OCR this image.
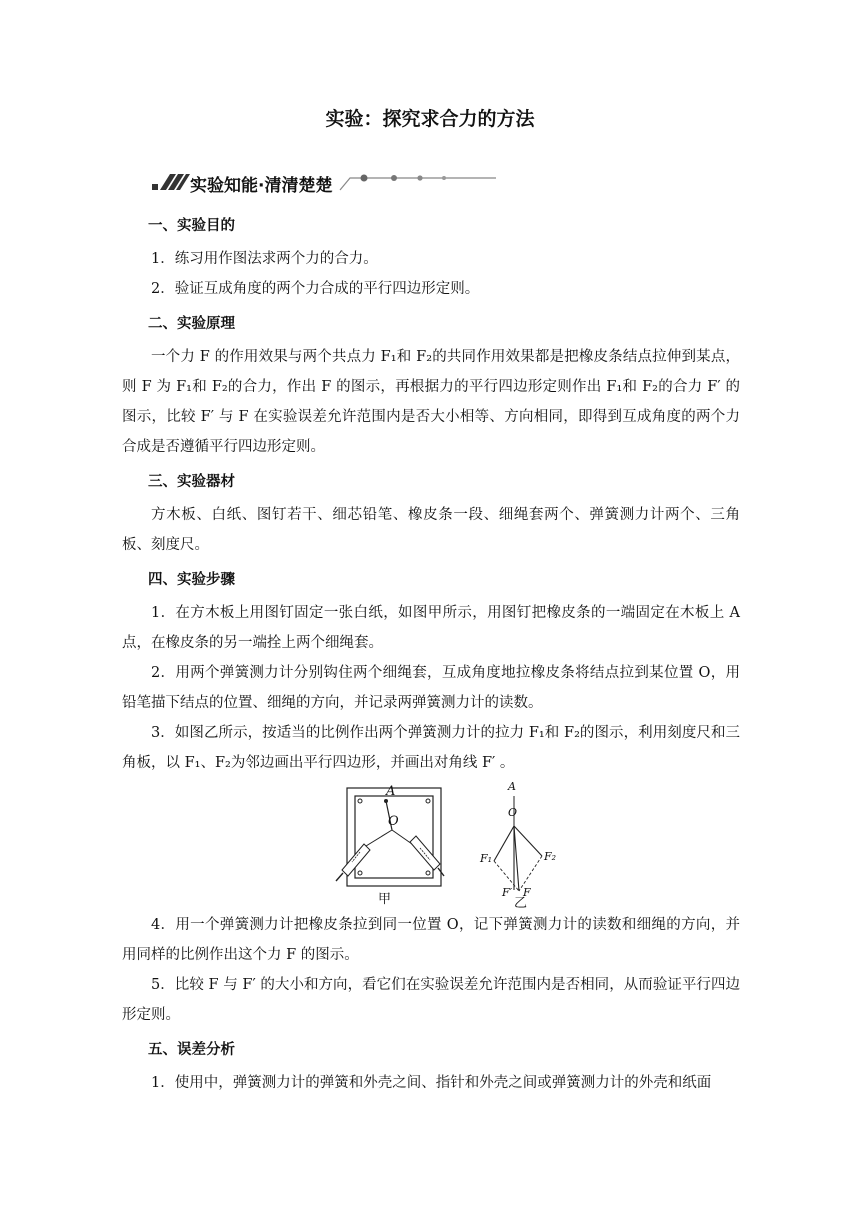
实验：探究求合力的方法
实验知能·清清楚楚
一、实验目的

1．练习用作图法求两个力的合力。

2．验证互成角度的两个力合成的平行四边形定则。

二、实验原理

一个力 F 的作用效果与两个共点力 F₁和 F₂的共同作用效果都是把橡皮条结点拉伸到某点，则 F 为 F₁和 F₂的合力，作出 F 的图示，再根据力的平行四边形定则作出 F₁和 F₂的合力 F′ 的图示，比较 F′ 与 F 在实验误差允许范围内是否大小相等、方向相同，即得到互成角度的两个力合成是否遵循平行四边形定则。

三、实验器材

方木板、白纸、图钉若干、细芯铅笔、橡皮条一段、细绳套两个、弹簧测力计两个、三角板、刻度尺。

四、实验步骤

1．在方木板上用图钉固定一张白纸，如图甲所示，用图钉把橡皮条的一端固定在木板上 A 点，在橡皮条的另一端拴上两个细绳套。

2．用两个弹簧测力计分别钩住两个细绳套，互成角度地拉橡皮条将结点拉到某位置 O，用铅笔描下结点的位置、细绳的方向，并记录两弹簧测力计的读数。

3．如图乙所示，按适当的比例作出两个弹簧测力计的拉力 F₁和 F₂的图示，利用刻度尺和三角板，以 F₁、F₂为邻边画出平行四边形，并画出对角线 F′ 。

A
O
甲
A
O
F₁	F₂
F′ F
乙

4．用一个弹簧测力计把橡皮条拉到同一位置 O，记下弹簧测力计的读数和细绳的方向，并用同样的比例作出这个力 F 的图示。

5．比较 F 与 F′ 的大小和方向，看它们在实验误差允许范围内是否相同，从而验证平行四边形定则。

五、误差分析

1．使用中，弹簧测力计的弹簧和外壳之间、指针和外壳之间或弹簧测力计的外壳和纸面
